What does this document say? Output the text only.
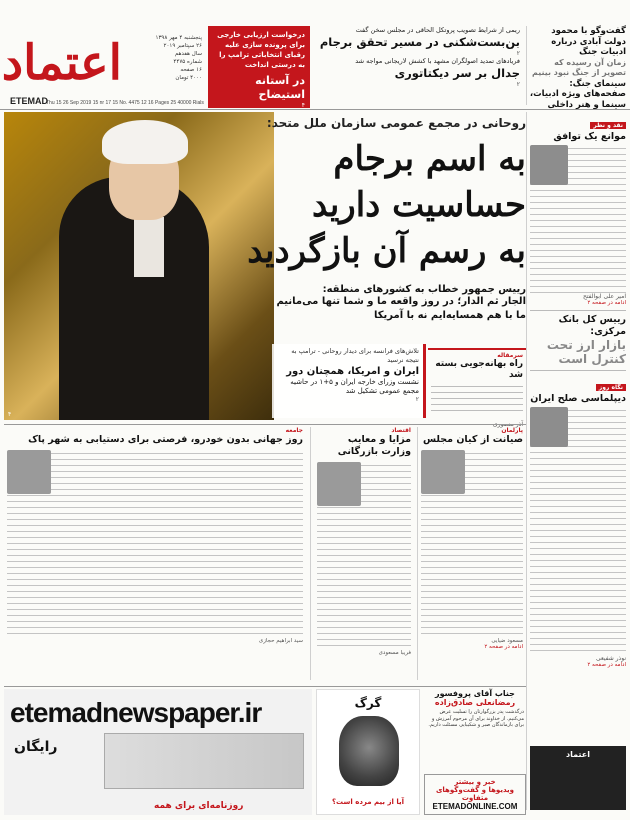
گفت‌وگو با محمود دولت آبادی درباره ادبیات جنگ
زمان آن رسیده که تصویر از جنگ نبود بینیم
سینمای جنگ: صفحه‌های ویژه ادبیات، سینما و هنر داخلی
ریمی از شرایط تصویب پروتکل الحاقی در مجلس سخن گفت
بن‌بست‌شکنی در مسیر تحقق برجام
۲
فریادهای تمدید اصولگران مشهد با کشش لاریجانی مواجه شد
جدال بر سر دیکتاتوری
۲
درخواست ارزیابی خارجی برای پرونده سازی علیه رقبای انتخاباتی ترامپ را به درستی انداخت
در آستانه استیضاح
۴
اعتماد
ETEMAD
Thu 15 26 Sep 2019 15 nr 17 15 No. 4475 12 16 Pages 25 40000 Rials
پنجشنبه ۴ مهر ۱۳۹۸
۲۶ سپتامبر ۲۰۱۹
سال هفدهم
شماره ۴۴۷۵
۱۶ صفحه
۴۰۰۰ تومان
۴
روحانی در مجمع عمومی سازمان ملل متحد:
به اسم برجام
حساسیت دارید
به رسم آن بازگردید
رییس جمهور خطاب به کشورهای منطقه:
الجار ثم الدار؛ در روز واقعه ما و شما تنها می‌مانیم
ما با هم همسایه‌ایم نه با آمریکا
تلاش‌های فرانسه برای دیدار روحانی - ترامپ به نتیجه نرسید
ایران و امریکا، همچنان دور
نشست وزرای خارجه ایران و ۵+۱ در حاشیه مجمع عمومی تشکیل شد
۲
سرمقاله
راه بهانه‌جویی بسته شد
آذر منصوری
نقد و نظر
موانع یک توافق
امیر علی ابوالفتح
ادامه در صفحه ۲
رییس کل بانک مرکزی:
بازار ارز تحت کنترل است
نگاه روز
دیپلماسی صلح ایران
نوذر شفیعی
ادامه در صفحه ۲
اعتماد
پارلمان
صیانت از کیان مجلس
مسعود ضیایی
ادامه در صفحه ۲
اقتصاد
مزایا و معایب وزارت بازرگانی
فریبا مسعودی
جامعه
روز جهانی بدون خودرو، فرصتی برای دستیابی به شهر پاک
سید ابراهیم حجازی
etemadnewspaper.ir
رایگان
روزنامه‌ای برای همه
گرگ
آیا از بیم مرده است؟
جناب آقای پروفسور
رمضانعلی صادق‌زاده
درگذشت پدر بزرگوارتان را تسلیت عرض می‌کنیم. از خداوند برای آن مرحوم آمرزش و برای بازماندگان صبر و شکیبایی مسئلت داریم.
خبر و بیشتر
ویدیوها و گفت‌وگوهای متفاوت
ETEMADONLINE.COM
